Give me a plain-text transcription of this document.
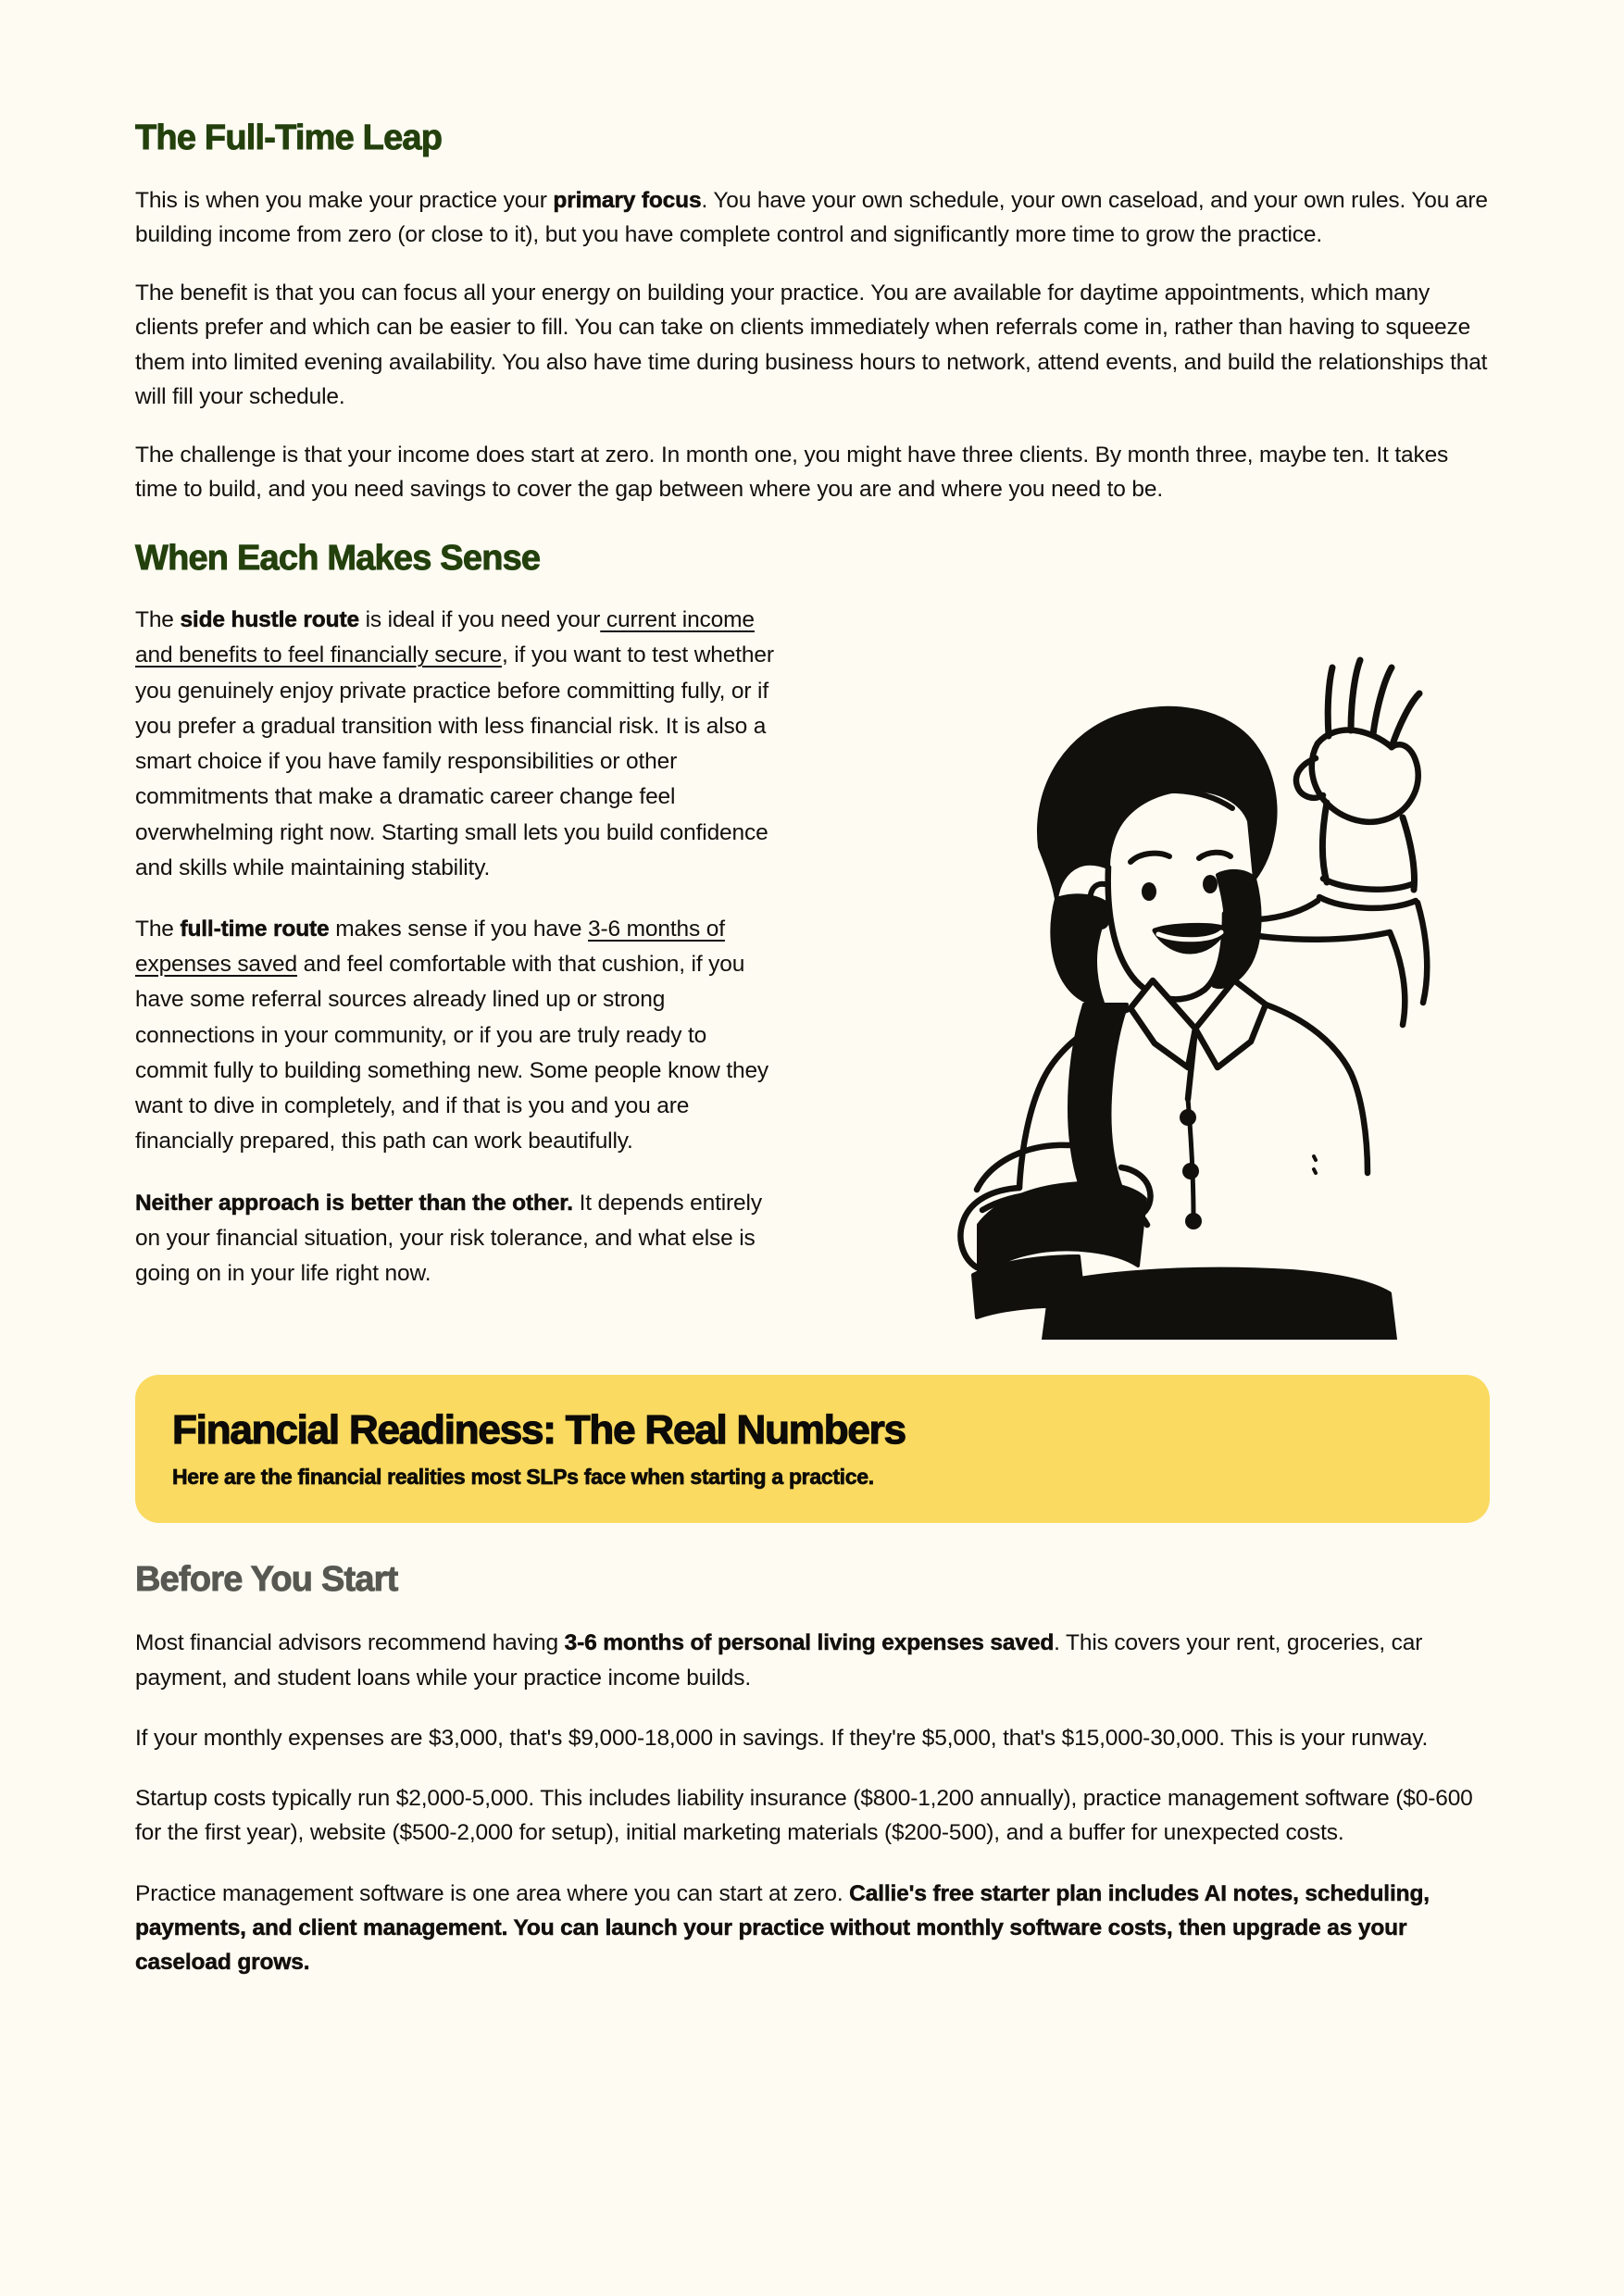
The Full-Time Leap

This is when you make your practice your primary focus. You have your own schedule, your own caseload, and your own rules. You are building income from zero (or close to it), but you have complete control and significantly more time to grow the practice.

The benefit is that you can focus all your energy on building your practice. You are available for daytime appointments, which many clients prefer and which can be easier to fill. You can take on clients immediately when referrals come in, rather than having to squeeze them into limited evening availability. You also have time during business hours to network, attend events, and build the relationships that will fill your schedule.

The challenge is that your income does start at zero. In month one, you might have three clients. By month three, maybe ten. It takes time to build, and you need savings to cover the gap between where you are and where you need to be.

When Each Makes Sense

The side hustle route is ideal if you need your current income and benefits to feel financially secure, if you want to test whether you genuinely enjoy private practice before committing fully, or if you prefer a gradual transition with less financial risk. It is also a smart choice if you have family responsibilities or other commitments that make a dramatic career change feel overwhelming right now. Starting small lets you build confidence and skills while maintaining stability.

The full-time route makes sense if you have 3-6 months of expenses saved and feel comfortable with that cushion, if you have some referral sources already lined up or strong connections in your community, or if you are truly ready to commit fully to building something new. Some people know they want to dive in completely, and if that is you and you are financially prepared, this path can work beautifully.

Neither approach is better than the other. It depends entirely on your financial situation, your risk tolerance, and what else is going on in your life right now.

Financial Readiness: The Real Numbers
Here are the financial realities most SLPs face when starting a practice.
Before You Start

Most financial advisors recommend having 3-6 months of personal living expenses saved. This covers your rent, groceries, car payment, and student loans while your practice income builds.

If your monthly expenses are $3,000, that's $9,000-18,000 in savings. If they're $5,000, that's $15,000-30,000. This is your runway.

Startup costs typically run $2,000-5,000. This includes liability insurance ($800-1,200 annually), practice management software ($0-600 for the first year), website ($500-2,000 for setup), initial marketing materials ($200-500), and a buffer for unexpected costs.

Practice management software is one area where you can start at zero. Callie's free starter plan includes AI notes, scheduling, payments, and client management. You can launch your practice without monthly software costs, then upgrade as your caseload grows.
